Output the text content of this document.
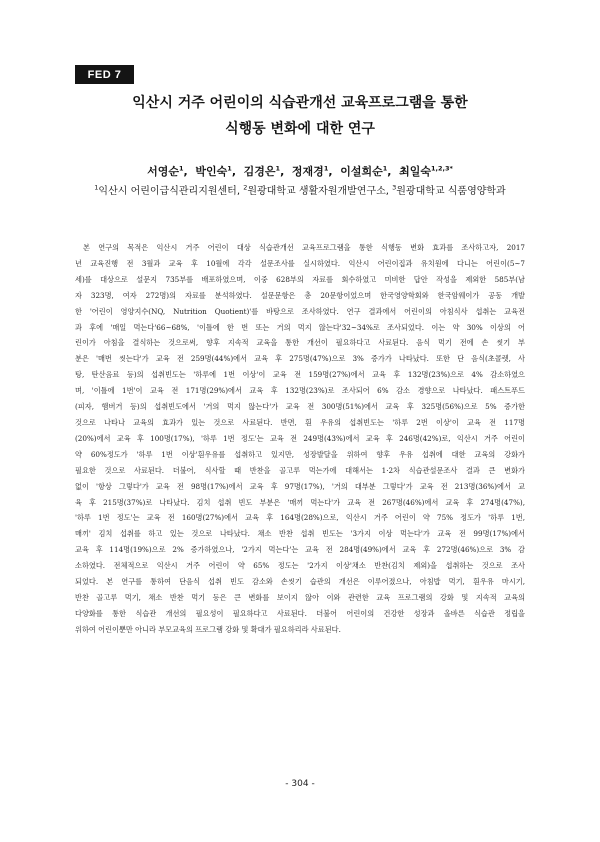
FED 7
익산시 거주 어린이의 식습관개선 교육프로그램을 통한
식행동 변화에 대한 연구
서영순$^1$,  박인숙$^1$,  김경은$^1$,  정재경$^1$,  이설희순$^1$,  최일숙$^{1,2,3*}$
$^1$익산시 어린이급식관리지원센터, $^2$원광대학교 생활자원개발연구소, $^3$원광대학교 식품영양학과
본 연구의 목적은 익산시 거주 어린이 대상 식습관개선 교육프로그램을 통한 식행동 변화 효과를 조사하고자, 2017
년 교육진행 전 3월과 교육 후 10월에 각각 설문조사를 실시하였다. 익산시 어린이집과 유치원에 다니는 어린이(5~7
세)를 대상으로 설문지 735부를 배포하였으며, 이중 628부의 자료를 회수하였고 미비한 답안 작성을 제외한 585부(남
자 323명, 여자 272명)의 자료를 분석하였다. 설문문항은 총 20문항이었으며 한국영양학회와 한국암웨이가 공동 개발
한 '어린이 영양지수(NQ, Nutrition Quotient)'를 바탕으로 조사하였다. 연구 결과에서 어린이의 아침식사 섭취는 교육전
과 후에 '매일 먹는다'66~68%, '이틀에 한 번 또는 거의 먹지 않는다'32~34%로 조사되었다. 이는 약 30% 이상의 어
린이가 아침을 결식하는 것으로써, 향후 지속적 교육을 통한 개선이 필요하다고 사료된다. 음식 먹기 전에 손 씻기 부
분은 '매번 씻는다'가 교육 전 259명(44%)에서 교육 후 275명(47%)으로 3% 증가가 나타났다. 또한 단 음식(초콜렛, 사
탕, 탄산음료 등)의 섭취빈도는 '하루에 1번 이상'이 교육 전 159명(27%)에서 교육 후 132명(23%)으로 4% 감소하였으
며, '이틀에 1번'이 교육 전 171명(29%)에서 교육 후 132명(23%)로 조사되어 6% 감소 경향으로 나타났다. 패스트푸드
(피자, 햄버거 등)의 섭취빈도에서 '거의 먹지 않는다'가 교육 전 300명(51%)에서 교육 후 325명(56%)으로 5% 증가한
것으로 나타나 교육의 효과가 있는 것으로 사료된다. 반면, 흰 우유의 섭취빈도는 '하루 2번 이상'이 교육 전 117명
(20%)에서 교육 후 100명(17%), '하루 1번 정도'는 교육 전 249명(43%)에서 교육 후 246명(42%)로, 익산시 거주 어린이
약 60%정도가 '하루 1번 이상'흰우유를 섭취하고 있지만, 성장발달을 위하여 향후 우유 섭취에 대한 교육의 강화가
필요한 것으로 사료된다. 더불어, 식사할 때 반찬을 골고루 먹는가에 대해서는 1·2차 식습관설문조사 결과 큰 변화가
없이 '항상 그렇다'가 교육 전 98명(17%)에서 교육 후 97명(17%), '거의 대부분 그렇다'가 교육 전 213명(36%)에서 교
육 후 215명(37%)로 나타났다. 김치 섭취 빈도 부분은 '매끼 먹는다'가 교육 전 267명(46%)에서 교육 후 274명(47%),
'하루 1번 정도'는 교육 전 160명(27%)에서 교육 후 164명(28%)으로, 익산시 거주 어린이 약 75% 정도가 '하루 1번,
매끼' 김치 섭취를 하고 있는 것으로 나타났다. 채소 반찬 섭취 빈도는 '3가지 이상 먹는다'가 교육 전 99명(17%)에서
교육 후 114명(19%)으로 2% 증가하였으나, '2가지 먹는다'는 교육 전 284명(49%)에서 교육 후 272명(46%)으로 3% 감
소하였다. 전체적으로 익산시 거주 어린이 약 65% 정도는 '2가지 이상'채소 반찬(김치 제외)을 섭취하는 것으로 조사
되었다. 본 연구를 통하여 단음식 섭취 빈도 감소와 손씻기 습관의 개선은 이루어졌으나, 아침밥 먹기, 흰우유 마시기,
반찬 골고루 먹기, 채소 반찬 먹기 등은 큰 변화를 보이지 않아 이와 관련한 교육 프로그램의 강화 및 지속적 교육의
다양화를 통한 식습관 개선의 필요성이 필요하다고 사료된다. 더불어 어린이의 건강한 성장과 올바른 식습관 정립을
위하여 어린이뿐만 아니라 부모교육의 프로그램 강화 및 확대가 필요하리라 사료된다.
- 304 -
